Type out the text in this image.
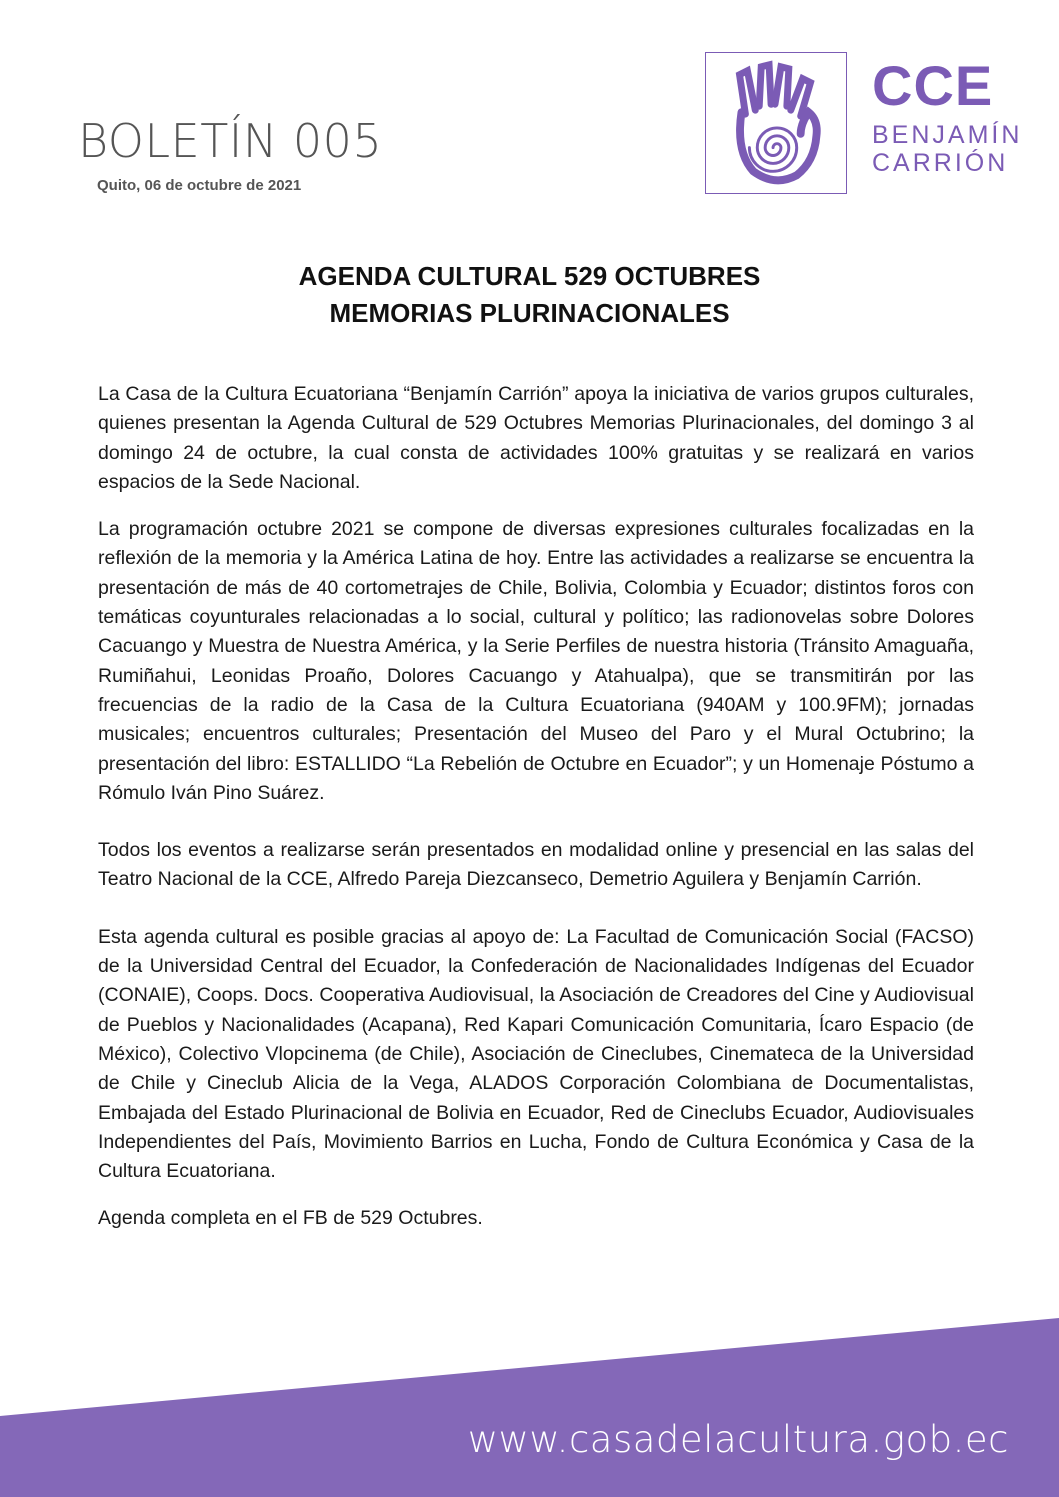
BOLETÍN 005
Quito, 06 de octubre de 2021
CCE
BENJAMÍN
CARRIÓN
AGENDA CULTURAL 529 OCTUBRES
MEMORIAS PLURINACIONALES

La Casa de la Cultura Ecuatoriana “Benjamín Carrión” apoya la iniciativa de varios grupos culturales, quienes presentan la Agenda Cultural de 529 Octubres Memorias Plurinacionales, del domingo 3 al domingo 24 de octubre, la cual consta de actividades 100% gratuitas y se realizará en varios espacios de la Sede Nacional.

La programación octubre 2021 se compone de diversas expresiones culturales focalizadas en la reflexión de la memoria y la América Latina de hoy. Entre las actividades a realizarse se encuentra la presentación de más de 40 cortometrajes de Chile, Bolivia, Colombia y Ecuador; distintos foros con temáticas coyunturales relacionadas a lo social, cultural y político; las radionovelas sobre Dolores Cacuango y Muestra de Nuestra América, y la Serie Perfiles de nuestra historia (Tránsito Amaguaña, Rumiñahui, Leonidas Proaño, Dolores Cacuango y Atahualpa), que se transmitirán por las frecuencias de la radio de la Casa de la Cultura Ecuatoriana (940AM y 100.9FM); jornadas musicales; encuentros culturales; Presentación del Museo del Paro y el Mural Octubrino; la presentación del libro: ESTALLIDO “La Rebelión de Octubre en Ecuador”; y un Homenaje Póstumo a Rómulo Iván Pino Suárez.

Todos los eventos a realizarse serán presentados en modalidad online y presencial en las salas del Teatro Nacional de la CCE, Alfredo Pareja Diezcanseco, Demetrio Aguilera y Benjamín Carrión.

Esta agenda cultural es posible gracias al apoyo de: La Facultad de Comunicación Social (FACSO) de la Universidad Central del Ecuador, la Confederación de Nacionalidades Indígenas del Ecuador (CONAIE), Coops. Docs. Cooperativa Audiovisual, la Asociación de Creadores del Cine y Audiovisual de Pueblos y Nacionalidades (Acapana), Red Kapari Comunicación Comunitaria, Ícaro Espacio (de México), Colectivo Vlopcinema (de Chile), Asociación de Cineclubes, Cinemateca de la Universidad de Chile y Cineclub Alicia de la Vega, ALADOS Corporación Colombiana de Documentalistas, Embajada del Estado Plurinacional de Bolivia en Ecuador, Red de Cineclubs Ecuador, Audiovisuales Independientes del País, Movimiento Barrios en Lucha, Fondo de Cultura Económica y Casa de la Cultura Ecuatoriana.

Agenda completa en el FB de 529 Octubres.

www.casadelacultura.gob.ec
